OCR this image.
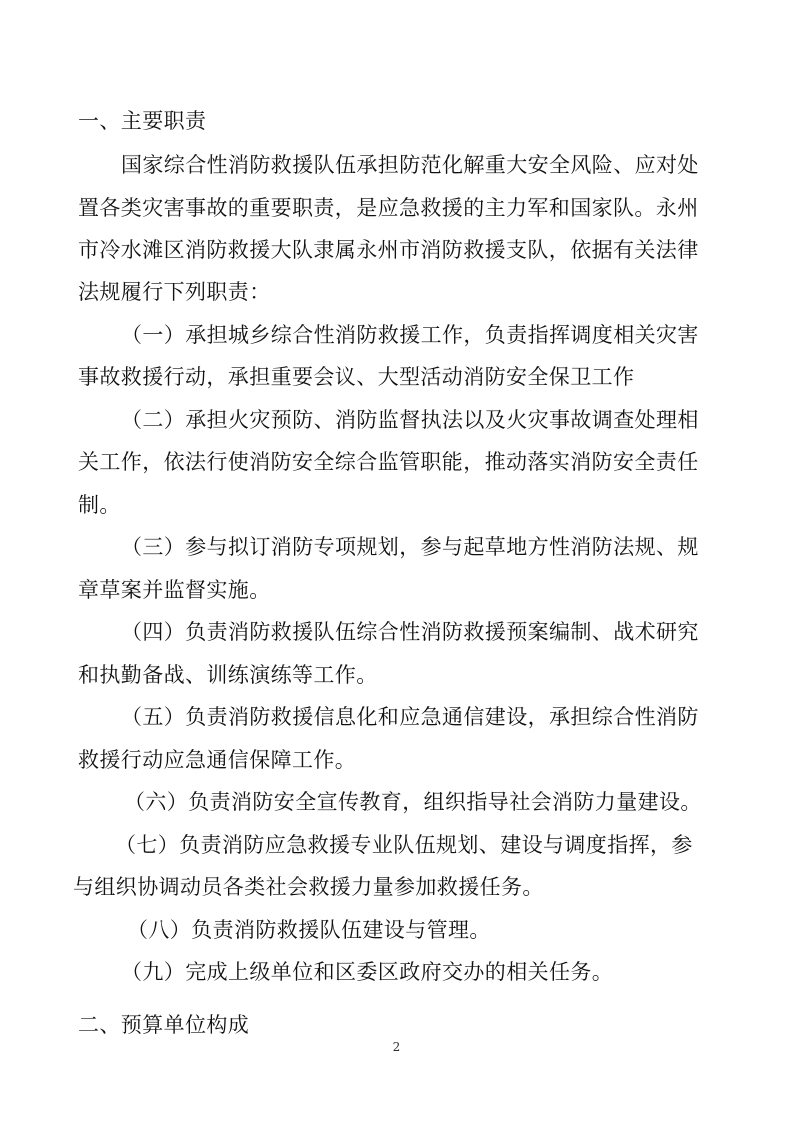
一、主要职责
国家综合性消防救援队伍承担防范化解重大安全风险、应对处
置各类灾害事故的重要职责，是应急救援的主力军和国家队。永州
市冷水滩区消防救援大队隶属永州市消防救援支队，依据有关法律
法规履行下列职责：
（一）承担城乡综合性消防救援工作，负责指挥调度相关灾害
事故救援行动，承担重要会议、大型活动消防安全保卫工作
（二）承担火灾预防、消防监督执法以及火灾事故调查处理相
关工作，依法行使消防安全综合监管职能，推动落实消防安全责任
制。
（三）参与拟订消防专项规划，参与起草地方性消防法规、规
章草案并监督实施。
（四）负责消防救援队伍综合性消防救援预案编制、战术研究
和执勤备战、训练演练等工作。
（五）负责消防救援信息化和应急通信建设，承担综合性消防
救援行动应急通信保障工作。
（六）负责消防安全宣传教育，组织指导社会消防力量建设。
（七）负责消防应急救援专业队伍规划、建设与调度指挥，参
与组织协调动员各类社会救援力量参加救援任务。
（八）负责消防救援队伍建设与管理。
（九）完成上级单位和区委区政府交办的相关任务。
二、预算单位构成
2
